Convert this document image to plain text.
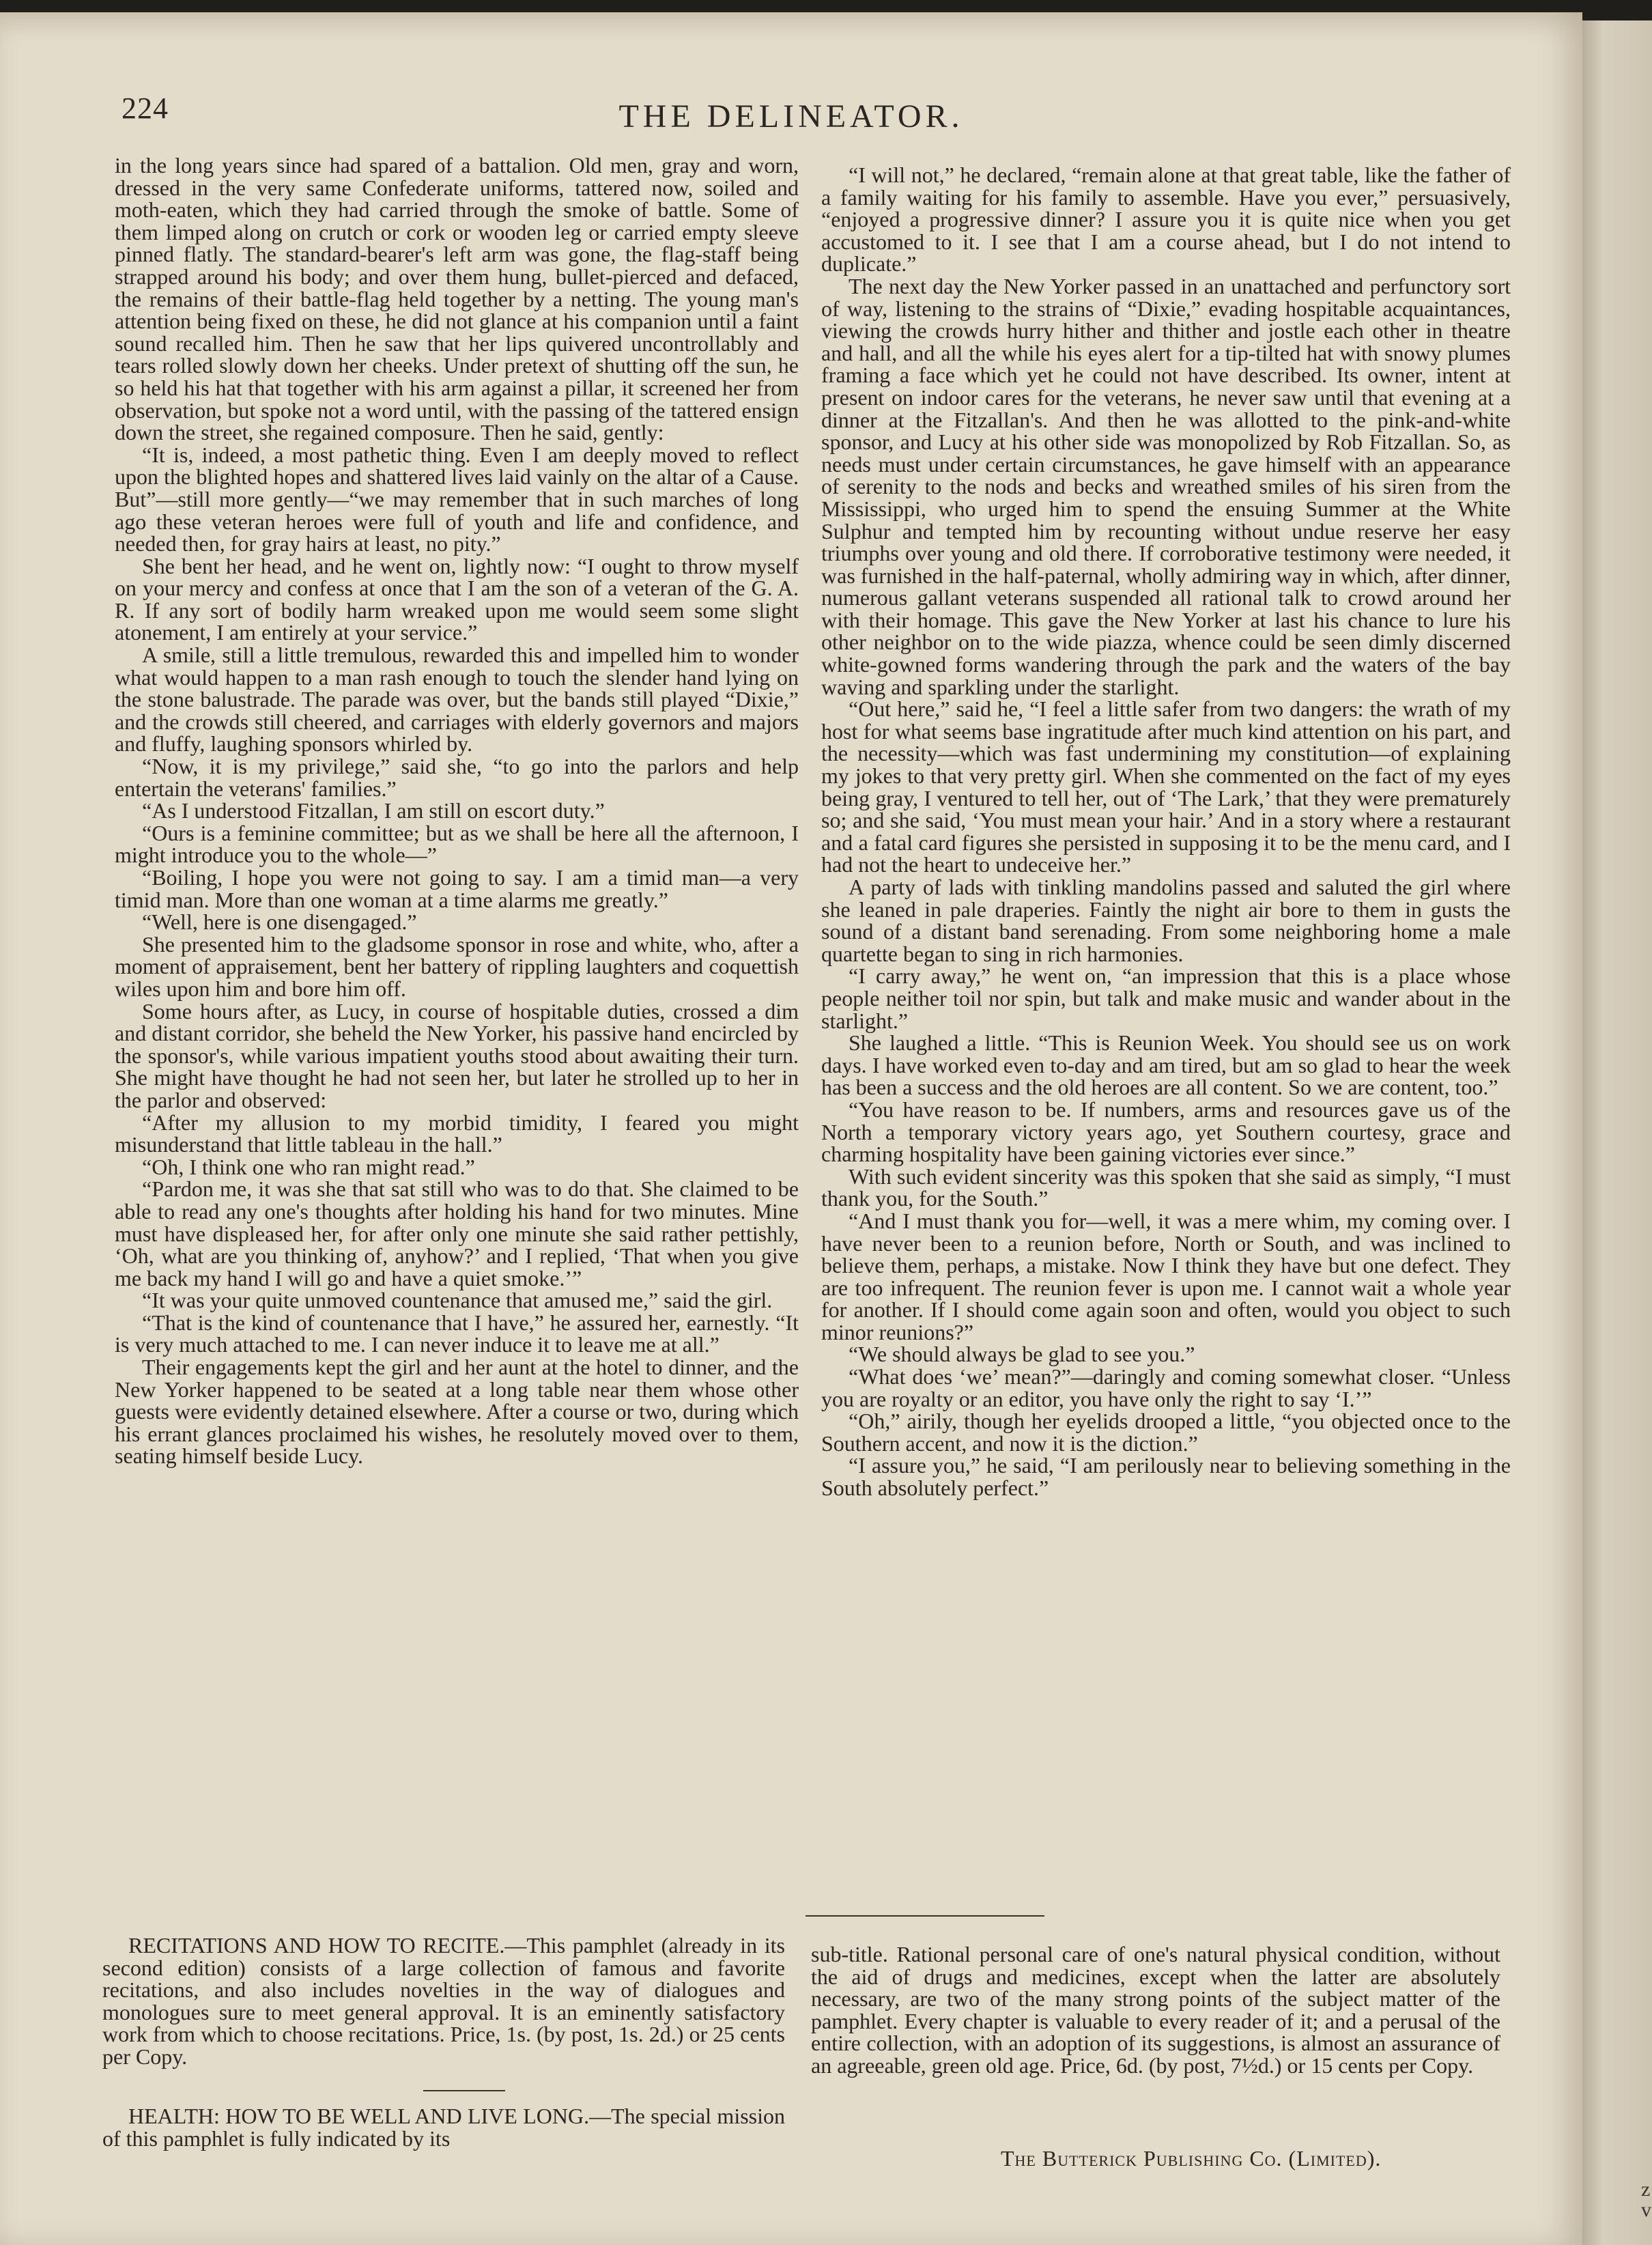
224	THE DELINEATOR.

in the long years since had spared of a battalion. Old men, gray and worn, dressed in the very same Confederate uniforms, tattered now, soiled and moth-eaten, which they had carried through the smoke of battle. Some of them limped along on crutch or cork or wooden leg or carried empty sleeve pinned flatly. The standard-bearer's left arm was gone, the flag-staff being strapped around his body; and over them hung, bullet-pierced and defaced, the remains of their battle-flag held together by a netting. The young man's attention being fixed on these, he did not glance at his companion until a faint sound recalled him. Then he saw that her lips quivered uncontrollably and tears rolled slowly down her cheeks. Under pretext of shutting off the sun, he so held his hat that together with his arm against a pillar, it screened her from observation, but spoke not a word until, with the passing of the tattered ensign down the street, she regained composure. Then he said, gently:

“It is, indeed, a most pathetic thing. Even I am deeply moved to reflect upon the blighted hopes and shattered lives laid vainly on the altar of a Cause. But”—still more gently—“we may remember that in such marches of long ago these veteran heroes were full of youth and life and confidence, and needed then, for gray hairs at least, no pity.”

She bent her head, and he went on, lightly now: “I ought to throw myself on your mercy and confess at once that I am the son of a veteran of the G. A. R. If any sort of bodily harm wreaked upon me would seem some slight atonement, I am entirely at your service.”

A smile, still a little tremulous, rewarded this and impelled him to wonder what would happen to a man rash enough to touch the slender hand lying on the stone balustrade. The parade was over, but the bands still played “Dixie,” and the crowds still cheered, and carriages with elderly governors and majors and fluffy, laughing sponsors whirled by.

“Now, it is my privilege,” said she, “to go into the parlors and help entertain the veterans' families.”

“As I understood Fitzallan, I am still on escort duty.”

“Ours is a feminine committee; but as we shall be here all the afternoon, I might introduce you to the whole—”

“Boiling, I hope you were not going to say. I am a timid man—a very timid man. More than one woman at a time alarms me greatly.”

“Well, here is one disengaged.”

She presented him to the gladsome sponsor in rose and white, who, after a moment of appraisement, bent her battery of rippling laughters and coquettish wiles upon him and bore him off.

Some hours after, as Lucy, in course of hospitable duties, crossed a dim and distant corridor, she beheld the New Yorker, his passive hand encircled by the sponsor's, while various impatient youths stood about awaiting their turn. She might have thought he had not seen her, but later he strolled up to her in the parlor and observed:

“After my allusion to my morbid timidity, I feared you might misunderstand that little tableau in the hall.”

“Oh, I think one who ran might read.”

“Pardon me, it was she that sat still who was to do that. She claimed to be able to read any one's thoughts after holding his hand for two minutes. Mine must have displeased her, for after only one minute she said rather pettishly, ‘Oh, what are you thinking of, anyhow?’ and I replied, ‘That when you give me back my hand I will go and have a quiet smoke.’”

“It was your quite unmoved countenance that amused me,” said the girl.

“That is the kind of countenance that I have,” he assured her, earnestly. “It is very much attached to me. I can never induce it to leave me at all.”

Their engagements kept the girl and her aunt at the hotel to dinner, and the New Yorker happened to be seated at a long table near them whose other guests were evidently detained elsewhere. After a course or two, during which his errant glances proclaimed his wishes, he resolutely moved over to them, seating himself beside Lucy.

“I will not,” he declared, “remain alone at that great table, like the father of a family waiting for his family to assemble. Have you ever,” persuasively, “enjoyed a progressive dinner? I assure you it is quite nice when you get accustomed to it. I see that I am a course ahead, but I do not intend to duplicate.”

The next day the New Yorker passed in an unattached and perfunctory sort of way, listening to the strains of “Dixie,” evading hospitable acquaintances, viewing the crowds hurry hither and thither and jostle each other in theatre and hall, and all the while his eyes alert for a tip-tilted hat with snowy plumes framing a face which yet he could not have described. Its owner, intent at present on indoor cares for the veterans, he never saw until that evening at a dinner at the Fitzallan's. And then he was allotted to the pink-and-white sponsor, and Lucy at his other side was monopolized by Rob Fitzallan. So, as needs must under certain circumstances, he gave himself with an appearance of serenity to the nods and becks and wreathed smiles of his siren from the Mississippi, who urged him to spend the ensuing Summer at the White Sulphur and tempted him by recounting without undue reserve her easy triumphs over young and old there. If corroborative testimony were needed, it was furnished in the half-paternal, wholly admiring way in which, after dinner, numerous gallant veterans suspended all rational talk to crowd around her with their homage. This gave the New Yorker at last his chance to lure his other neighbor on to the wide piazza, whence could be seen dimly discerned white-gowned forms wandering through the park and the waters of the bay waving and sparkling under the starlight.

“Out here,” said he, “I feel a little safer from two dangers: the wrath of my host for what seems base ingratitude after much kind attention on his part, and the necessity—which was fast undermining my constitution—of explaining my jokes to that very pretty girl. When she commented on the fact of my eyes being gray, I ventured to tell her, out of ‘The Lark,’ that they were prematurely so; and she said, ‘You must mean your hair.’ And in a story where a restaurant and a fatal card figures she persisted in supposing it to be the menu card, and I had not the heart to undeceive her.”

A party of lads with tinkling mandolins passed and saluted the girl where she leaned in pale draperies. Faintly the night air bore to them in gusts the sound of a distant band serenading. From some neighboring home a male quartette began to sing in rich harmonies.

“I carry away,” he went on, “an impression that this is a place whose people neither toil nor spin, but talk and make music and wander about in the starlight.”

She laughed a little. “This is Reunion Week. You should see us on work days. I have worked even to-day and am tired, but am so glad to hear the week has been a success and the old heroes are all content. So we are content, too.”

“You have reason to be. If numbers, arms and resources gave us of the North a temporary victory years ago, yet Southern courtesy, grace and charming hospitality have been gaining victories ever since.”

With such evident sincerity was this spoken that she said as simply, “I must thank you, for the South.”

“And I must thank you for—well, it was a mere whim, my coming over. I have never been to a reunion before, North or South, and was inclined to believe them, perhaps, a mistake. Now I think they have but one defect. They are too infrequent. The reunion fever is upon me. I cannot wait a whole year for another. If I should come again soon and often, would you object to such minor reunions?”

“We should always be glad to see you.”

“What does ‘we’ mean?”—daringly and coming somewhat closer. “Unless you are royalty or an editor, you have only the right to say ‘I.’”

“Oh,” airily, though her eyelids drooped a little, “you objected once to the Southern accent, and now it is the diction.”

“I assure you,” he said, “I am perilously near to believing something in the South absolutely perfect.”

RECITATIONS AND HOW TO RECITE.—This pamphlet (already in its second edition) consists of a large collection of famous and favorite recitations, and also includes novelties in the way of dialogues and monologues sure to meet general approval. It is an eminently satisfactory work from which to choose recitations. Price, 1s. (by post, 1s. 2d.) or 25 cents per Copy.

HEALTH: HOW TO BE WELL AND LIVE LONG.—The special mission of this pamphlet is fully indicated by its

sub-title. Rational personal care of one's natural physical condition, without the aid of drugs and medicines, except when the latter are absolutely necessary, are two of the many strong points of the subject matter of the pamphlet. Every chapter is valuable to every reader of it; and a perusal of the entire collection, with an adoption of its suggestions, is almost an assurance of an agreeable, green old age. Price, 6d. (by post, 7½d.) or 15 cents per Copy.

The Butterick Publishing Co. (Limited).
z
v
